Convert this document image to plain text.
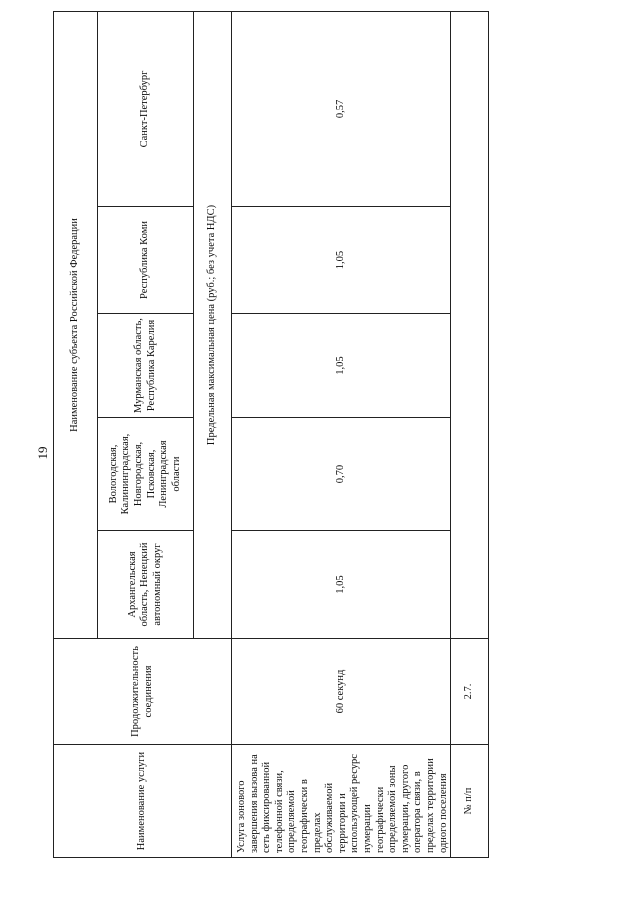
19
Наименование услуги	Продолжительность соединения	Наименование субъекта Российской Федерации				
		Архангельская область, Ненецкий автономный округ	Вологодская, Калининградская, Новгородская, Псковская, Ленинградская области	Мурманская область, Республика Карелия	Республика Коми	Санкт-Петербург
		Предельная максимальная цена (руб.; без учета НДС)				
Услуга зонового завершения вызова на сеть фиксированной телефонной связи, определяемой географически в пределах обслуживаемой территории и использующей ресурс нумерации географически определяемой зоны нумерации, другого оператора связи, в пределах территории одного поселения	60 секунд	1,05	0,70	1,05	1,05	0,57
№ п/п	2.7.					
